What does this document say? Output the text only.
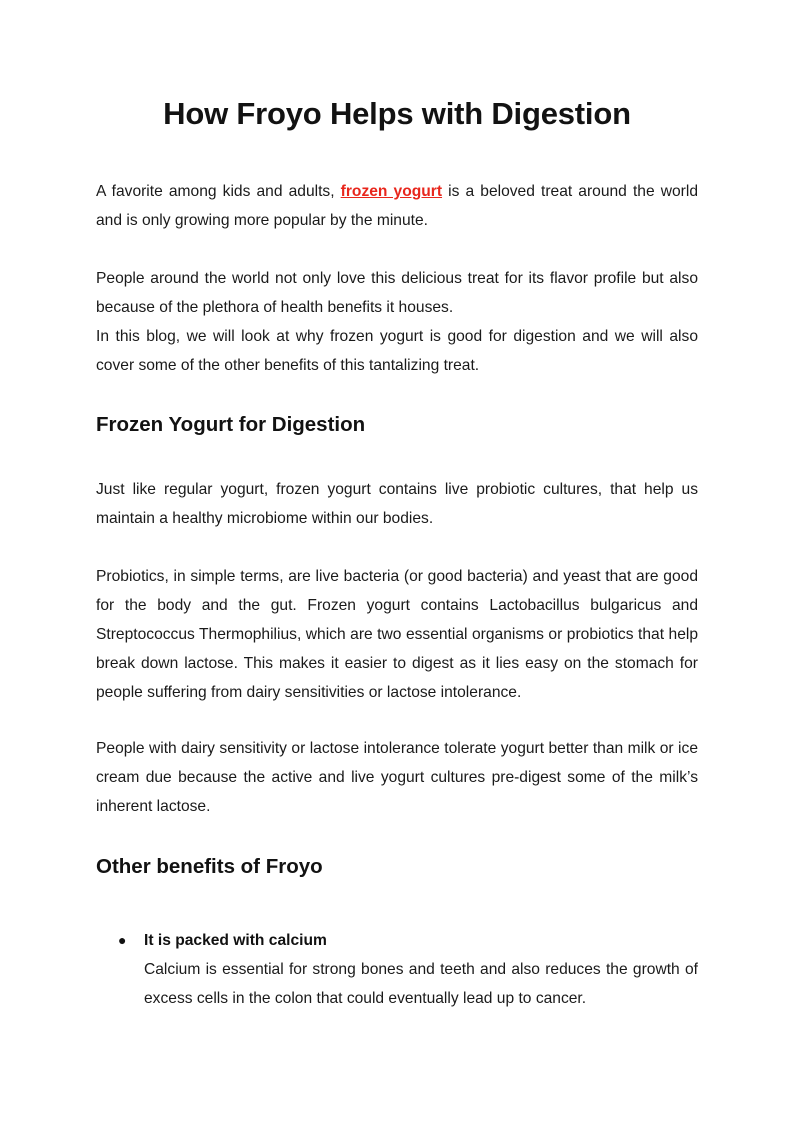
How Froyo Helps with Digestion

A favorite among kids and adults, frozen yogurt is a beloved treat around the world and is only growing more popular by the minute.

People around the world not only love this delicious treat for its flavor profile but also because of the plethora of health benefits it houses.

In this blog, we will look at why frozen yogurt is good for digestion and we will also cover some of the other benefits of this tantalizing treat.

Frozen Yogurt for Digestion

Just like regular yogurt, frozen yogurt contains live probiotic cultures, that help us maintain a healthy microbiome within our bodies.

Probiotics, in simple terms, are live bacteria (or good bacteria) and yeast that are good for the body and the gut. Frozen yogurt contains Lactobacillus bulgaricus and Streptococcus Thermophilius, which are two essential organisms or probiotics that help break down lactose. This makes it easier to digest as it lies easy on the stomach for people suffering from dairy sensitivities or lactose intolerance.

People with dairy sensitivity or lactose intolerance tolerate yogurt better than milk or ice cream due because the active and live yogurt cultures pre-digest some of the milk’s inherent lactose.

Other benefits of Froyo
● It is packed with calcium

Calcium is essential for strong bones and teeth and also reduces the growth of excess cells in the colon that could eventually lead up to cancer.
